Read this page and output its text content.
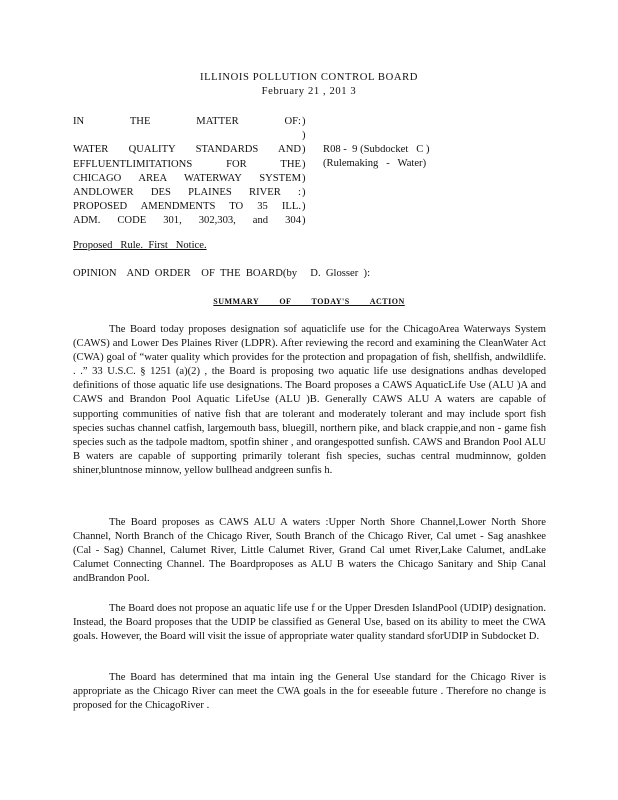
ILLINOIS POLLUTION CONTROL BOARD
February 21 , 201 3
IN THE MATTER OF:

WATER QUALITY STANDARDS AND
EFFLUENTLIMITATIONS FOR THE
CHICAGO AREA WATERWAY SYSTEM
ANDLOWER DES PLAINES RIVER :
PROPOSED AMENDMENTS TO 35 ILL.
ADM. CODE 301, 302,303, and 304
)
)
)
)
)
)
)
)
R08 -  9 (Subdocket   C )
(Rulemaking   -   Water)
Proposed   Rule.  First   Notice.
OPINION    AND  ORDER    OF  THE  BOARD(by     D.  Glosser  ):
SUMMARY OF TODAY'S ACTION

The Board today proposes designation sof aquaticlife use for the ChicagoArea Waterways System (CAWS) and Lower Des Plaines River (LDPR). After reviewing the record and examining the CleanWater Act (CWA) goal of “water quality which provides for the protection and propagation of fish, shellfish, andwildlife. . .” 33 U.S.C. § 1251 (a)(2) , the Board is proposing two aquatic life use designations andhas developed definitions of those aquatic life use designations. The Board proposes a CAWS AquaticLife Use (ALU )A and CAWS and Brandon Pool Aquatic LifeUse (ALU )B. Generally CAWS ALU A waters are capable of supporting communities of native fish that are tolerant and moderately tolerant and may include sport fish species suchas channel catfish, largemouth bass, bluegill, northern pike, and black crappie,and non - game fish species such as the tadpole madtom, spotfin shiner , and orangespotted sunfish. CAWS and Brandon Pool ALU B waters are capable of supporting primarily tolerant fish species, suchas central mudminnow, golden shiner,bluntnose minnow, yellow bullhead andgreen sunfis h.

The Board proposes as CAWS ALU A waters :Upper North Shore Channel,Lower North Shore Channel, North Branch of the Chicago River, South Branch of the Chicago River, Cal umet - Sag anashkee (Cal - Sag) Channel, Calumet River, Little Calumet River, Grand Cal umet River,Lake Calumet, andLake Calumet Connecting Channel. The Boardproposes as ALU B waters the Chicago Sanitary and Ship Canal andBrandon Pool.

The Board does not propose an aquatic life use f or the Upper Dresden IslandPool (UDIP) designation. Instead, the Board proposes that the UDIP be classified as General Use, based on its ability to meet the CWA goals. However, the Board will visit the issue of appropriate water quality standard sforUDIP in Subdocket D.

The Board has determined that ma intain ing the General Use standard for the Chicago River is appropriate as the Chicago River can meet the CWA goals in the for eseeable future . Therefore no change is proposed for the ChicagoRiver .
